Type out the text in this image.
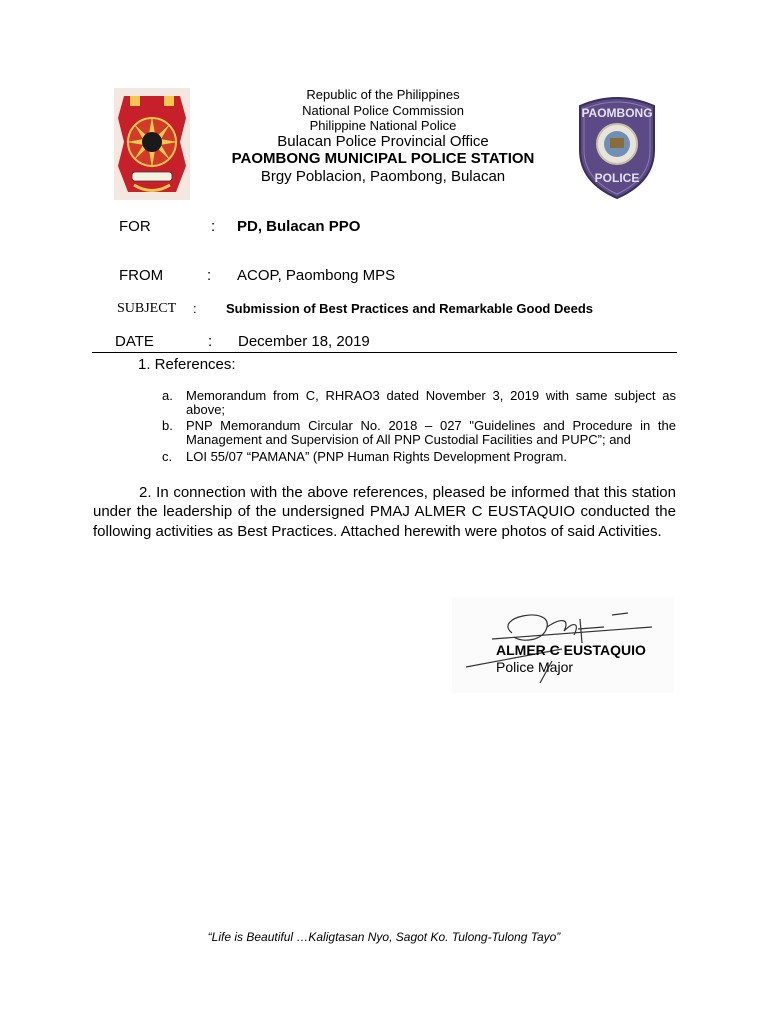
PAOMBONG
POLICE
Republic of the Philippines
National Police Commission
Philippine National Police
Bulacan Police Provincial Office
PAOMBONG MUNICIPAL POLICE STATION
Brgy Poblacion, Paombong, Bulacan
FOR	: PD, Bulacan PPO
FROM	: ACOP, Paombong MPS
SUBJECT : Submission of Best Practices and Remarkable Good Deeds
DATE	: December 18, 2019
1. References:
a. Memorandum from C, RHRAO3 dated November 3, 2019 with same subject as above;
b. PNP Memorandum Circular No. 2018 – 027 "Guidelines and Procedure in the Management and Supervision of All PNP Custodial Facilities and PUPC”; and
c. LOI 55/07 “PAMANA” (PNP Human Rights Development Program.
2. In connection with the above references, pleased be informed that this station under the leadership of the undersigned PMAJ ALMER C EUSTAQUIO conducted the following activities as Best Practices. Attached herewith were photos of said Activities.
ALMER C EUSTAQUIO
Police Major
“Life is Beautiful …Kaligtasan Nyo, Sagot Ko. Tulong-Tulong Tayo”
